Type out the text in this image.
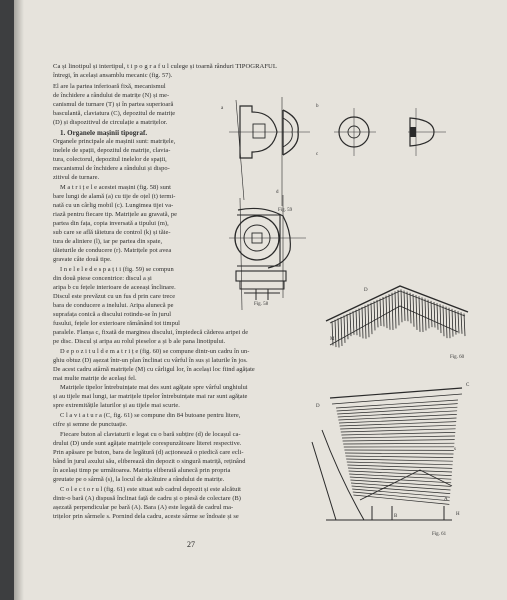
Ca și linotipul și intertipul, t i p o g r a f u l culege și toarnă rânduri TIPOGRAFUL
întregi, în același ansamblu mecanic (fig. 57).
El are la partea inferioară fixă, mecanismul
de închidere a rândului de matrițe (N) și me-
canismul de turnare (T) și în partea superioară
basculantă, claviatura (C), depozitul de matrițe
(D) și dispozitivul de circulație a matrițelor.
1. Organele mașinii tipograf.
Organele principale ale mașinii sunt: matrițele,
inelele de spații, depozitul de matrițe, clavia-
tura, colectorul, depozitul inelelor de spații,
mecanismul de închidere a rândului și dispo-
zitivul de turnare.
M a t r i ț e l e acestei mașini (fig. 58) sunt
bare lungi de alamă (a) cu tije de oțel (t) termi-
nată cu un cârlig mobil (c). Lungimea tijei va-
riază pentru fiecare tip. Matrițele au gravată, pe
partea din fața, copia inversată a tipului (m),
sub care se află tăietura de control (k) și tăie-
tura de aliniere (l), iar pe partea din spate,
tăieturile de conducere (r). Matrițele pot avea
gravate câte două tipe.
I n e l e l e d e s p a ț i i (fig. 59) se compun
din două piese concentrice: discul a și
aripa b cu fețele interioare de aceeași înclinare.
Discul este prevăzut cu un fus d prin care trece
bara de conducere a inelului. Aripa alunecă pe
suprafața conică a discului rotindu-se în jurul
fusului, fețele lor exterioare rămânând tot timpul
paralele. Flanșa c, fixată de marginea discului, împiedecă căderea aripei de
pe disc. Discul și aripa au rolul pieselor a și b ale pana linotipului.
D e p o z i t u l d e m a t r i ț e (fig. 60) se compune dintr-un cadru în un-
ghiu obtuz (D) așezat într-un plan înclinat cu vârful în sus și laturile în jos.
De acest cadru atârnă matrițele (M) cu cârligul lor, în același loc fiind agățate
mai multe matrițe de același fel.
Matrițele tipelor întrebuințate mai des sunt agățate spre vârful unghiului
și au tijele mai lungi, iar matrițele tipelor întrebuințate mai rar sunt agățate
spre extremitățile laturilor și au tijele mai scurte.
C l a v i a t u r a (C, fig. 61) se compune din 84 butoane pentru litere,
cifre și semne de punctuație.
Fiecare buton al claviaturii e legat cu o bară subțire (d) de locașul ca-
drului (D) unde sunt agățate matrițele corespunzătoare literei respective.
Prin apăsare pe buton, bara de legătură (d) acționează o piedică care ecli-
bând în jurul axului său, eliberează din depozit o singură matriță, reținând
în același timp pe următoarea. Matrița eliberată alunecă prin propria
greutate pe o sârmă (s), la locul de alcătuire a rândului de matrițe.
C o l e c t o r u l (fig. 61) este situat sub cadrul depozit și este alcătuit
dintr-o bară (A) dispusă înclinat față de cadru și o piesă de colectare (B)
așezată perpendicular pe bară (A). Bara (A) este legată de cadrul ma-
trițelor prin sârmele s. Pornind dela cadru, aceste sârme se îndoaie și se
27
a	b
c
d
Fig. 58
Fig. 59
D
M
Fig. 60
C
D
s
A
B	H
Fig. 61
